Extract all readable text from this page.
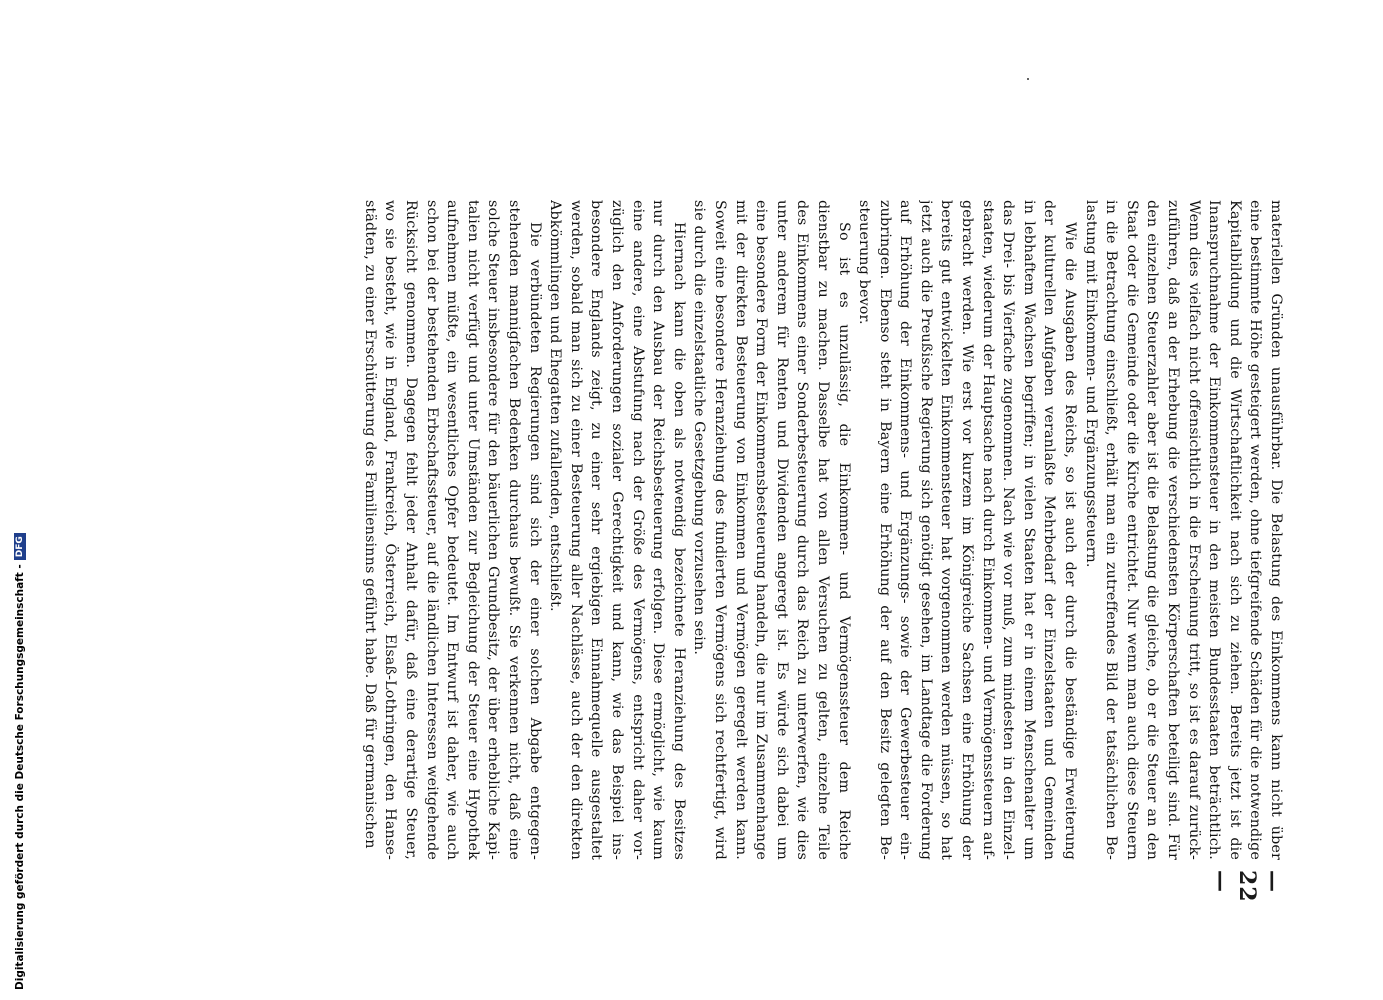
Digitalisierung gefördert durch die Deutsche Forschungsgemeinschaft -
DFG
— 22 —
materiellen Gründen unausführbar. Die Belastung des Einkommens kann nicht über
eine bestimmte Höhe gesteigert werden, ohne tiefgreifende Schäden für die notwendige
Kapitalbildung und die Wirtschaftlichkeit nach sich zu ziehen. Bereits jetzt ist die
Inanspruchnahme der Einkommensteuer in den meisten Bundesstaaten beträchtlich.
Wenn dies vielfach nicht offensichtlich in die Erscheinung tritt, so ist es darauf zurück-
zuführen, daß an der Erhebung die verschiedensten Körperschaften beteiligt sind. Für
den einzelnen Steuerzahler aber ist die Belastung die gleiche, ob er die Steuer an den
Staat oder die Gemeinde oder die Kirche entrichtet. Nur wenn man auch diese Steuern
in die Betrachtung einschließt, erhält man ein zutreffendes Bild der tatsächlichen Be-
lastung mit Einkommen- und Ergänzungssteuern.
Wie die Ausgaben des Reichs, so ist auch der durch die beständige Erweiterung
der kulturellen Aufgaben veranlaßte Mehrbedarf der Einzelstaaten und Gemeinden
in lebhaftem Wachsen begriffen; in vielen Staaten hat er in einem Menschenalter um
das Drei- bis Vierfache zugenommen. Nach wie vor muß, zum mindesten in den Einzel-
staaten, wiederum der Hauptsache nach durch Einkommen- und Vermögenssteuern auf-
gebracht werden. Wie erst vor kurzem im Königreiche Sachsen eine Erhöhung der
bereits gut entwickelten Einkommensteuer hat vorgenommen werden müssen, so hat
jetzt auch die Preußische Regierung sich genötigt gesehen, im Landtage die Forderung
auf Erhöhung der Einkommens- und Ergänzungs- sowie der Gewerbesteuer ein-
zubringen. Ebenso steht in Bayern eine Erhöhung der auf den Besitz gelegten Be-
steuerung bevor.
So ist es unzulässig, die Einkommen- und Vermögenssteuer dem Reiche
dienstbar zu machen. Dasselbe hat von allen Versuchen zu gelten, einzelne Teile
des Einkommens einer Sonderbesteuerung durch das Reich zu unterwerfen, wie dies
unter anderem für Renten und Dividenden angeregt ist. Es würde sich dabei um
eine besondere Form der Einkommensbesteuerung handeln, die nur im Zusammenhange
mit der direkten Besteuerung von Einkommen und Vermögen geregelt werden kann.
Soweit eine besondere Heranziehung des fundierten Vermögens sich rechtfertigt, wird
sie durch die einzelstaatliche Gesetzgebung vorzusehen sein.
Hiernach kann die oben als notwendig bezeichnete Heranziehung des Besitzes
nur durch den Ausbau der Reichsbesteuerung erfolgen. Diese ermöglicht, wie kaum
eine andere, eine Abstufung nach der Größe des Vermögens, entspricht daher vor-
züglich den Anforderungen sozialer Gerechtigkeit und kann, wie das Beispiel ins-
besondere Englands zeigt, zu einer sehr ergiebigen Einnahmequelle ausgestaltet
werden, sobald man sich zu einer Besteuerung aller Nachlässe, auch der den direkten
Abkömmlingen und Ehegatten zufallenden, entschließt.
Die verbündeten Regierungen sind sich der einer solchen Abgabe entgegen-
stehenden mannigfachen Bedenken durchaus bewußt. Sie verkennen nicht, daß eine
solche Steuer insbesondere für den bäuerlichen Grundbesitz, der über erhebliche Kapi-
talien nicht verfügt und unter Umständen zur Begleichung der Steuer eine Hypothek
aufnehmen müßte, ein wesentliches Opfer bedeutet. Im Entwurf ist daher, wie auch
schon bei der bestehenden Erbschaftssteuer, auf die ländlichen Interessen weitgehende
Rücksicht genommen. Dagegen fehlt jeder Anhalt dafür, daß eine derartige Steuer,
wo sie besteht, wie in England, Frankreich, Österreich, Elsaß-Lothringen, den Hanse-
städten, zu einer Erschütterung des Familiensinns geführt habe. Daß für germanischen
